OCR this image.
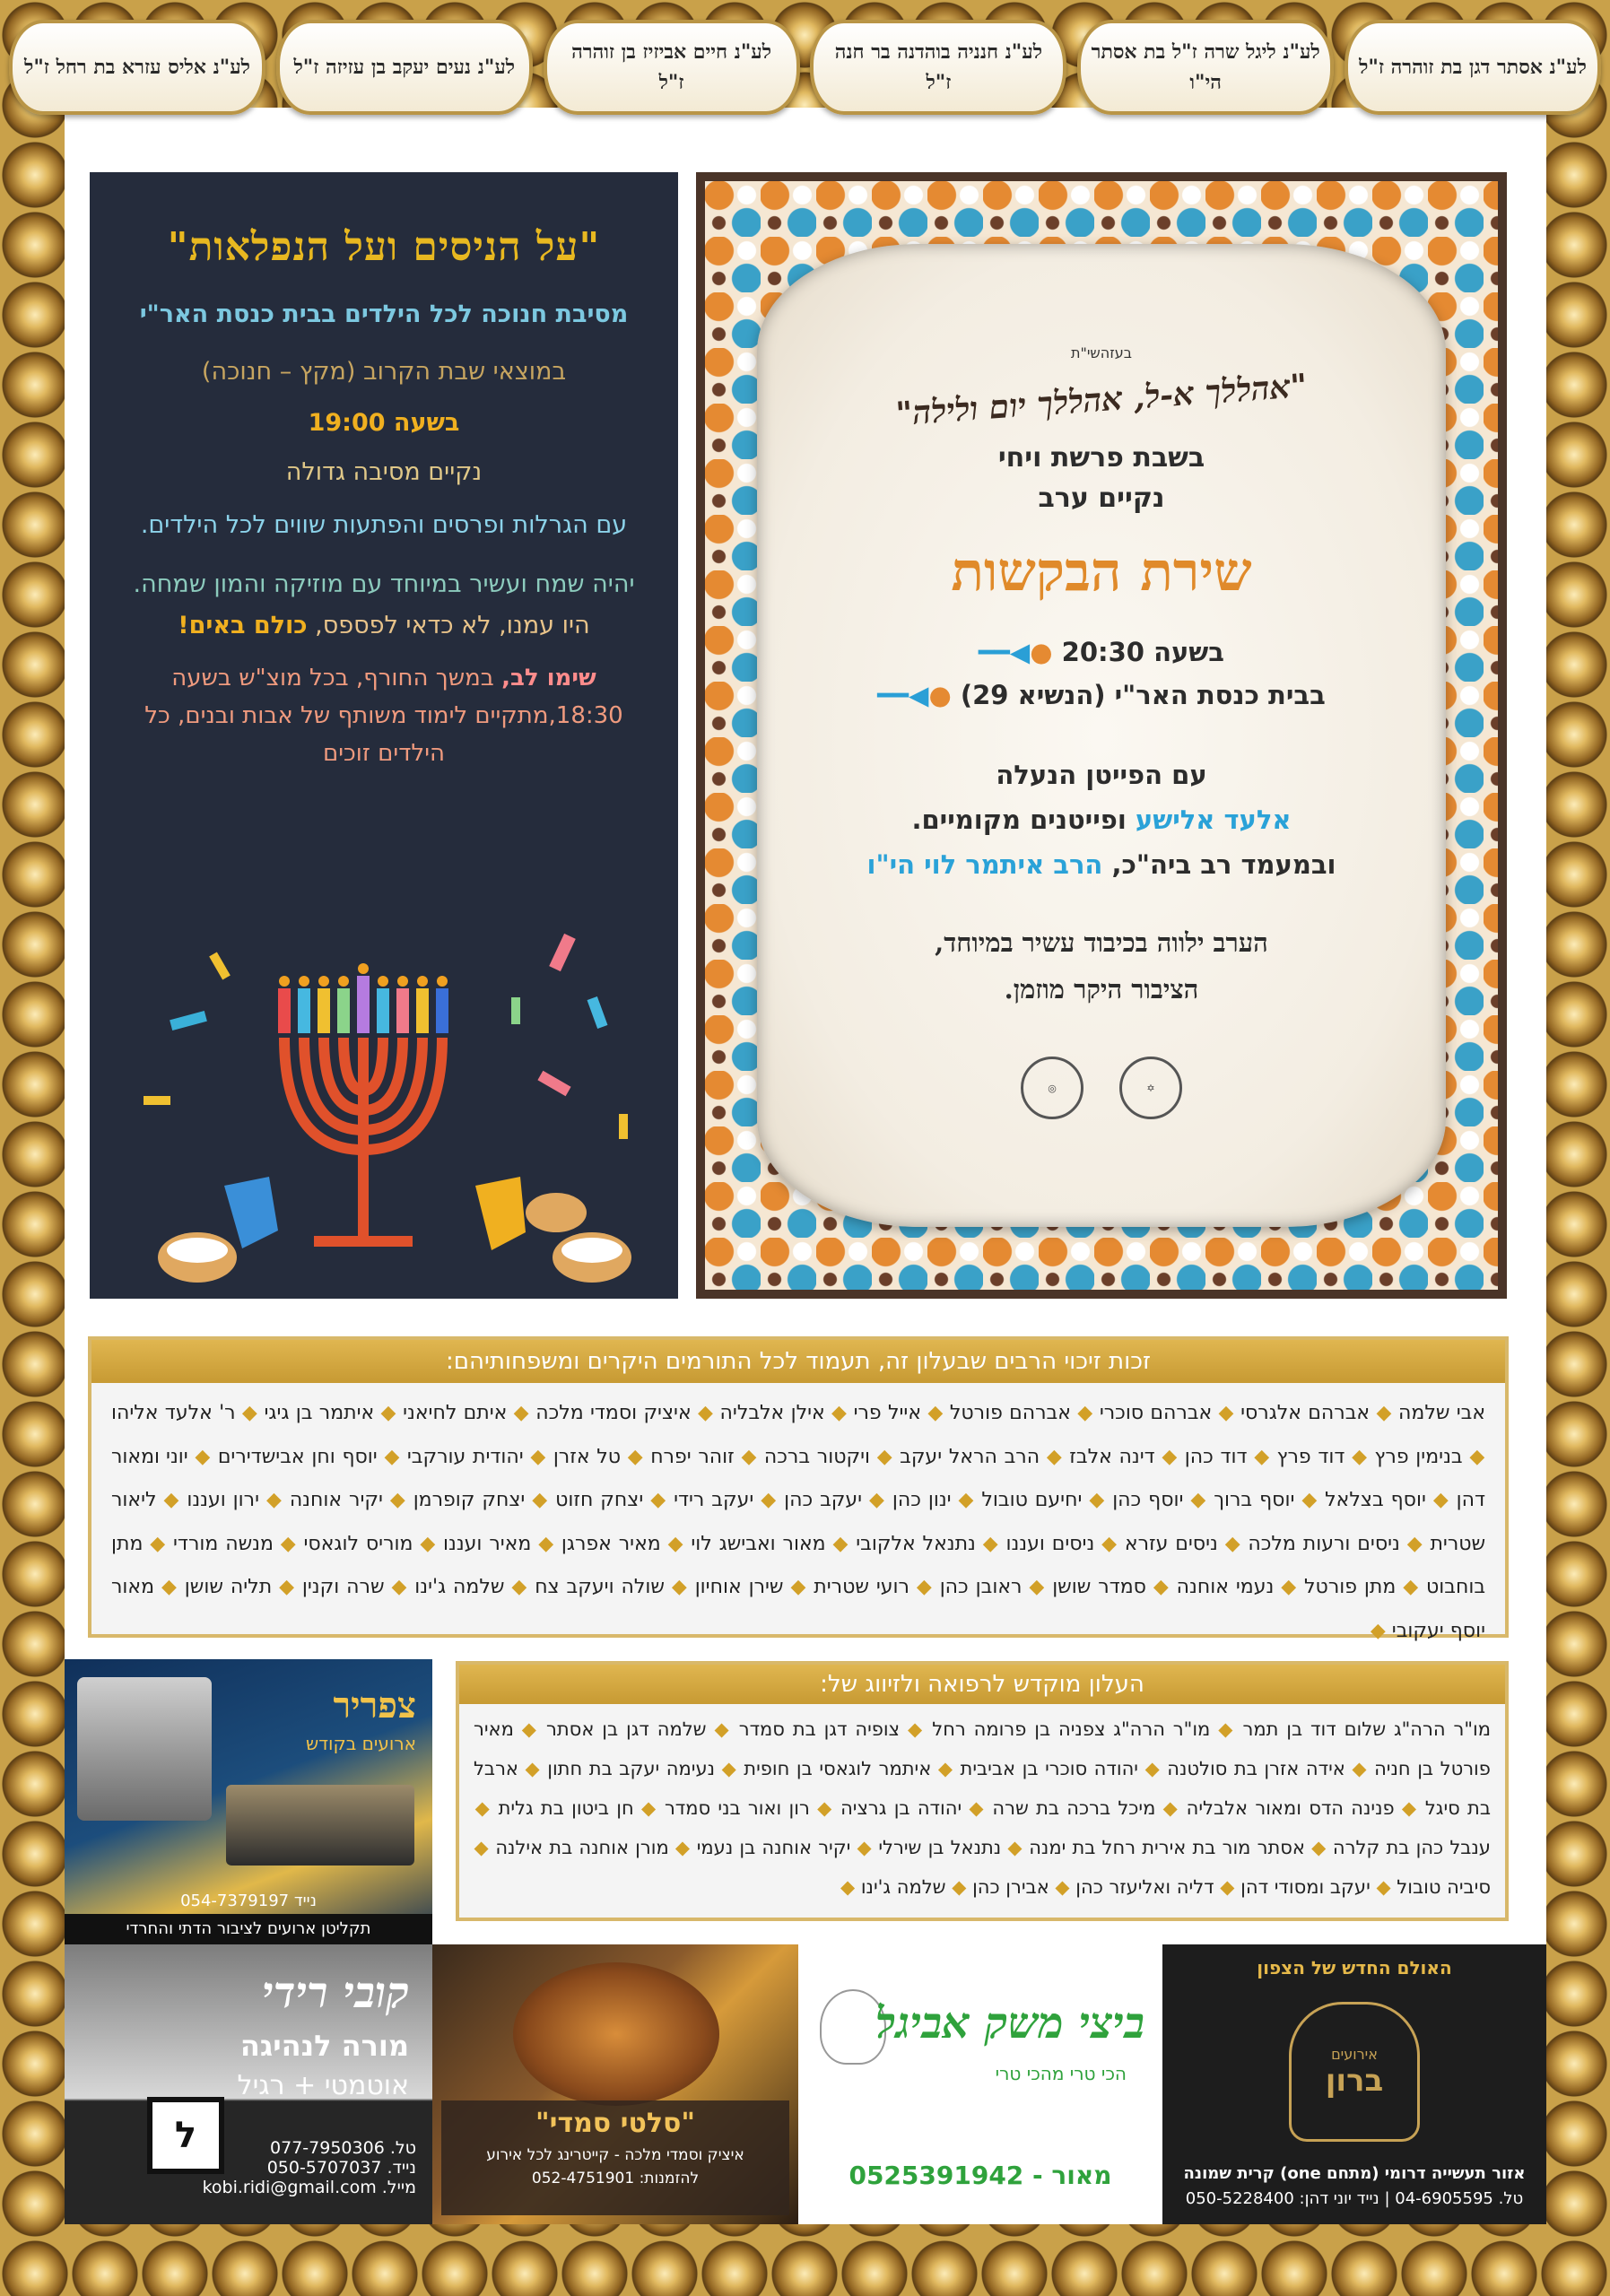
לע"נ אסתר דגן בת זוהרה ז"ל
לע"נ ליגל שרה ז"ל בת אסתר הי"ו
לע"נ חנניה בוהדנה בר חנה ז"ל
לע"נ חיים אביזיז בן זוהרה ז"ל
לע"נ נעים יעקב בן עזיזה ז"ל
לע"נ אליס עזרא בת רחל ז"ל
"על הניסים ועל הנפלאות"

מסיבת חנוכה לכל הילדים בבית כנסת האר"י

במוצאי שבת הקרוב (מקץ – חנוכה)

בשעה 19:00

נקיים מסיבה גדולה

עם הגרלות ופרסים והפתעות שווים לכל הילדים.

יהיה שמח ועשיר במיוחד עם מוזיקה והמון שמחה.

היו עמנו, לא כדאי לפספס, כולם באים!

שימו לב, במשך החורף, בכל מוצ"ש בשעה 18:30,מתקיים לימוד משותף של אבות ובנים, כל הילדים זוכים

בעזהשי"ת
"אהללך א-ל, אהללך יום ולילה"
בשבת פרשת ויחי
נקיים ערב
שירת הבקשות
בשעה 20:30 ●◀━━
בבית כנסת האר"י (הנשיא 29) ●◀━━
עם הפייטן הנעלה
אלעד אלישע ופייטנים מקומיים.
ובמעמד רב ביה"כ, הרב איתמר לוי הי"ו
הערב ילווה בכיבוד עשיר במיוחד,
הציבור היקר מוזמן.
✡
◎
זכות זיכוי הרבים שבעלון זה, תעמוד לכל התורמים היקרים ומשפחותיהם:
אבי שלמה ◆ אברהם אלגרסי ◆ אברהם סוכרי ◆ אברהם פורטל ◆ אייל פרי ◆ אילן אלבליה ◆ איציק וסמדי מלכה ◆ איתם לחיאני ◆ איתמר בן גיגי ◆ ר' אלעד אליהו ◆ בנימין פרץ ◆ דוד פרץ ◆ דוד כהן ◆ דינה אלבז ◆ הרב הראל יעקב ◆ ויקטור ברכה ◆ זוהר יפרח ◆ טל אזרן ◆ יהודית עורקבי ◆ יוסף וחן אבישדירים ◆ יוני ומאור דהן ◆ יוסף בצלאל ◆ יוסף ברוך ◆ יוסף כהן ◆ יחיעם טובול ◆ ינון כהן ◆ יעקב כהן ◆ יעקב רידי ◆ יצחק חזוט ◆ יצחק קופרמן ◆ יקיר אוחנה ◆ ירון ועננו ◆ ליאור שטרית ◆ ניסים ורעות מלכה ◆ ניסים עזרא ◆ ניסים ועננו ◆ נתנאל אלקובי ◆ מאור ואבישג לוי ◆ מאיר אפרגן ◆ מאיר ועננו ◆ מוריס לוגאסי ◆ מנשה מורדי ◆ מתן בוחבוט ◆ מתן פורטל ◆ נעמי אוחנה ◆ סמדר שושן ◆ ראובן כהן ◆ רועי שטרית ◆ שירן אוחיון ◆ שולה ויעקב צח ◆ שלמה ג'ינו ◆ שרה וקנין ◆ תליה שושן ◆ מאור יוסף יעקובי ◆
צפריר
ארועים בקודש
נייד 054-7379197
תקליטן ארועים לציבור הדתי והחרדי
העלון מוקדש לרפואה ולזיווג של:
מו"ר הרה"ג שלום דוד בן תמר ◆ מו"ר הרה"ג צפניה בן פרומה רחל ◆ צופיה דגן בת סמדר ◆ שלמה דגן בן אסתר ◆ מאיר פורטל בן חניה ◆ אידה אזרן בת סולטנה ◆ יהודה סוכרי בן אביבית ◆ איתמר לוגאסי בן חופית ◆ נעימה יעקב בת חתון ◆ ארבל בת סיגל ◆ פנינה הדס ומאור אלבליה ◆ מיכל ברכה בת שרה ◆ יהודה בן גרציה ◆ רון ואור בני סמדר ◆ חן ביטון בת גלית ◆ ענבל כהן בת קלרה ◆ אסתר מור בת אירית רחל בת ימנה ◆ נתנאל בן שירלי ◆ יקיר אוחנה בן נעמי ◆ מורן אוחנה בת אילנה ◆ סיביה טובול ◆ יעקב ומסודי דהן ◆ דליה ואליעזר כהן ◆ אבירן כהן ◆ שלמה ג'ינו ◆
קובי רידי
מורה לנהיגה
אוטמטי + רגיל
ל	טל. 077-7950306
נייד. 050-5707037
מייל. kobi.ridi@gmail.com
"סלטי סמדי"
איציק וסמדי מלכה - קייטרינג לכל אירוע
להזמנות: 052-4751901
ביצי משק אביגל
הכי טרי מהכי טרי
מאור - 0525391942
האולם החדש של הצפון
אירועים
ברון
אזור תעשייה דרומי (מתחם one) קרית שמונה
טל. 04-6905595 | נייד יוני דהן: 050-5228400
